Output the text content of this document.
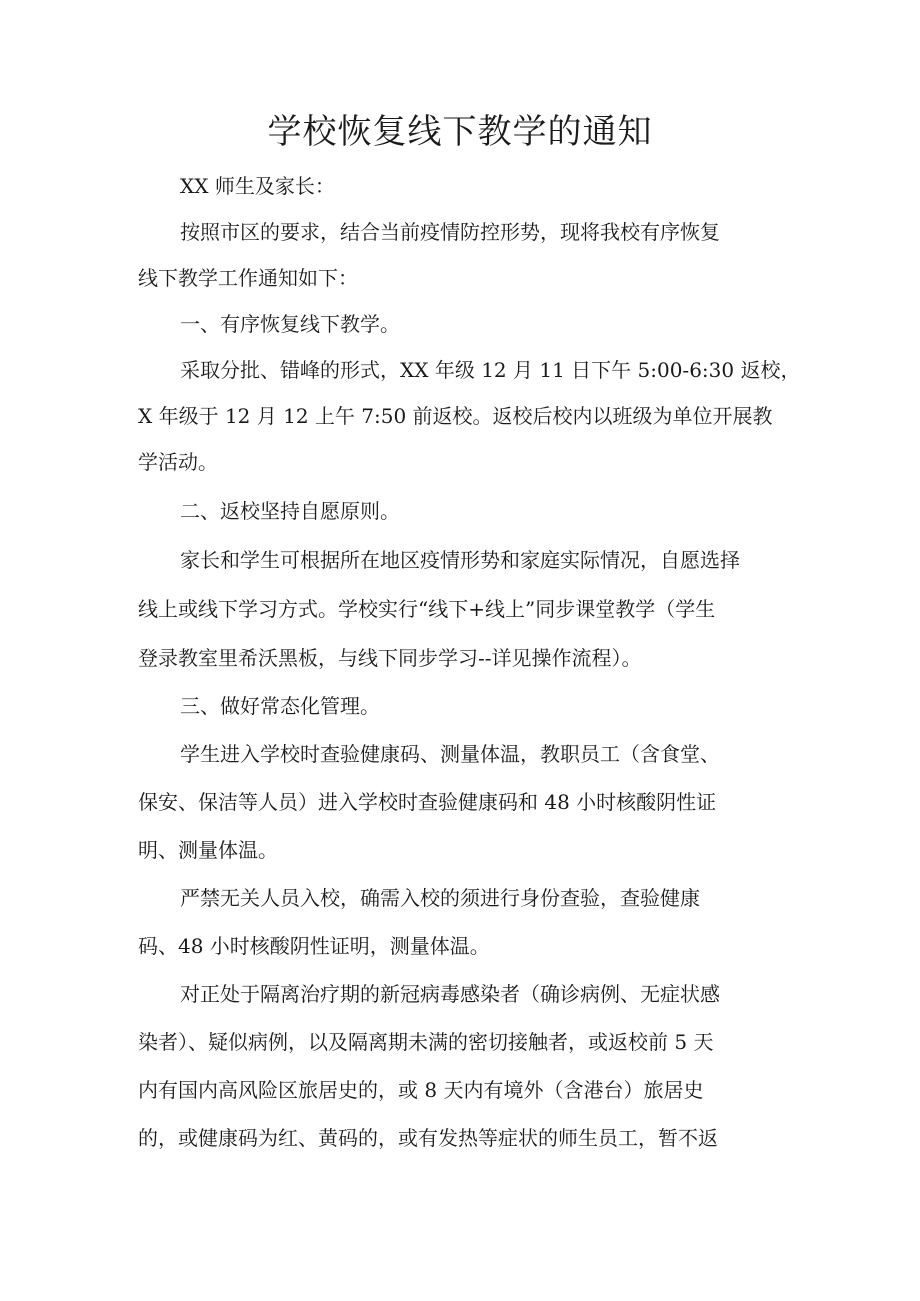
学校恢复线下教学的通知
XX 师生及家长：
按照市区的要求，结合当前疫情防控形势，现将我校有序恢复
线下教学工作通知如下：
一、有序恢复线下教学。
采取分批、错峰的形式，XX 年级 12 月 11 日下午 5:00-6:30 返校，
X 年级于 12 月 12 上午 7:50 前返校。返校后校内以班级为单位开展教
学活动。
二、返校坚持自愿原则。
家长和学生可根据所在地区疫情形势和家庭实际情况，自愿选择
线上或线下学习方式。学校实行“线下+线上”同步课堂教学（学生
登录教室里希沃黑板，与线下同步学习--详见操作流程）。
三、做好常态化管理。
学生进入学校时查验健康码、测量体温，教职员工（含食堂、
保安、保洁等人员）进入学校时查验健康码和 48 小时核酸阴性证
明、测量体温。
严禁无关人员入校，确需入校的须进行身份查验，查验健康
码、48 小时核酸阴性证明，测量体温。
对正处于隔离治疗期的新冠病毒感染者（确诊病例、无症状感
染者）、疑似病例，以及隔离期未满的密切接触者，或返校前 5 天
内有国内高风险区旅居史的，或 8 天内有境外（含港台）旅居史
的，或健康码为红、黄码的，或有发热等症状的师生员工，暂不返
